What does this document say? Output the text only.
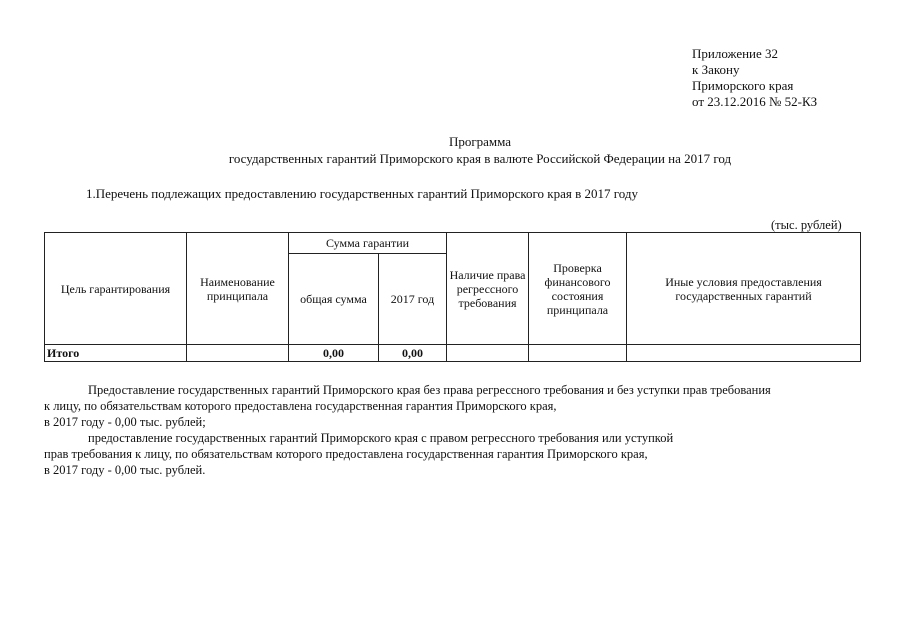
Приложение 32
к Закону
Приморского края
от 23.12.2016 № 52-КЗ
Программа
государственных гарантий Приморского края в валюте Российской Федерации на 2017 год
1.Перечень подлежащих предоставлению государственных гарантий Приморского края в 2017 году
(тыс. рублей)
Цель гарантирования	Наименование принципала	Сумма гарантии		Наличие права регрессного требования	Проверка финансового состояния принципала	Иные условия предоставления государственных гарантий
		общая сумма	2017 год			
Итого		0,00	0,00			

Предоставление государственных гарантий Приморского края без права регрессного требования и без уступки прав требования

к лицу, по обязательствам которого предоставлена государственная гарантия Приморского края,

в 2017 году - 0,00 тыс. рублей;

предоставление государственных гарантий Приморского края с правом регрессного требования или уступкой

прав требования к лицу, по обязательствам которого предоставлена государственная гарантия Приморского края,

в 2017 году - 0,00 тыс. рублей.
